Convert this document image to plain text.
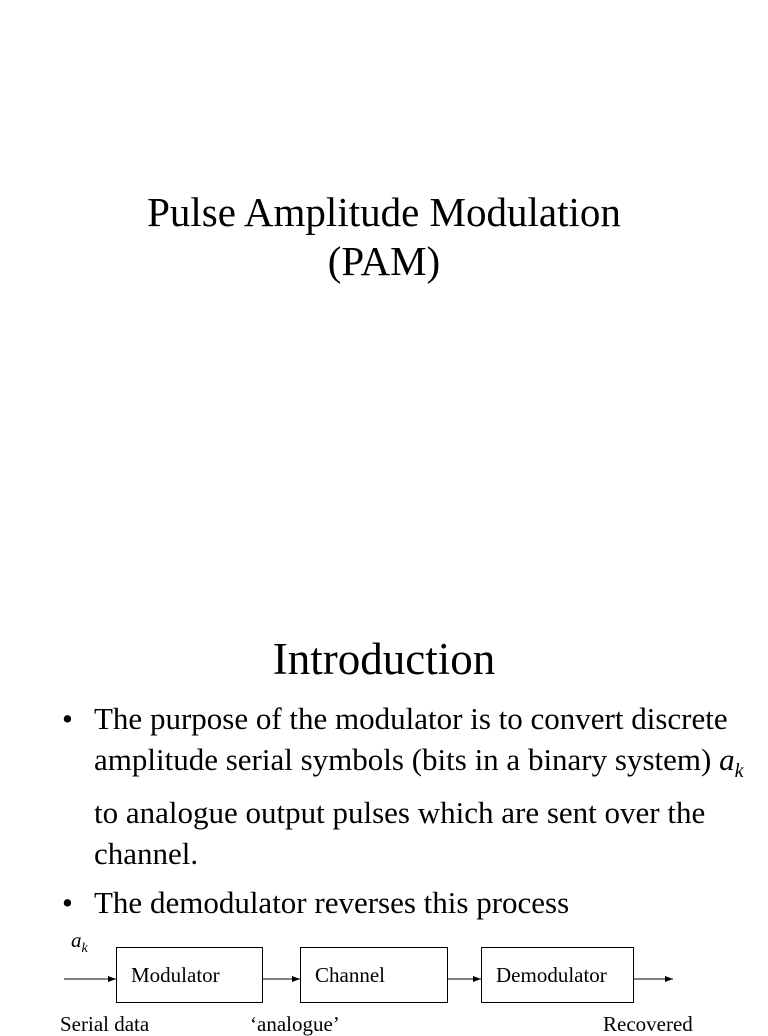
Pulse Amplitude Modulation
(PAM)
Introduction
• The purpose of the modulator is to convert discrete amplitude serial symbols (bits in a binary system) $a_k$ to analogue output pulses which are sent over the channel.
• The demodulator reverses this process
$a_k$
Modulator	Channel	Demodulator
Serial data	‘analogue’	Recovered
